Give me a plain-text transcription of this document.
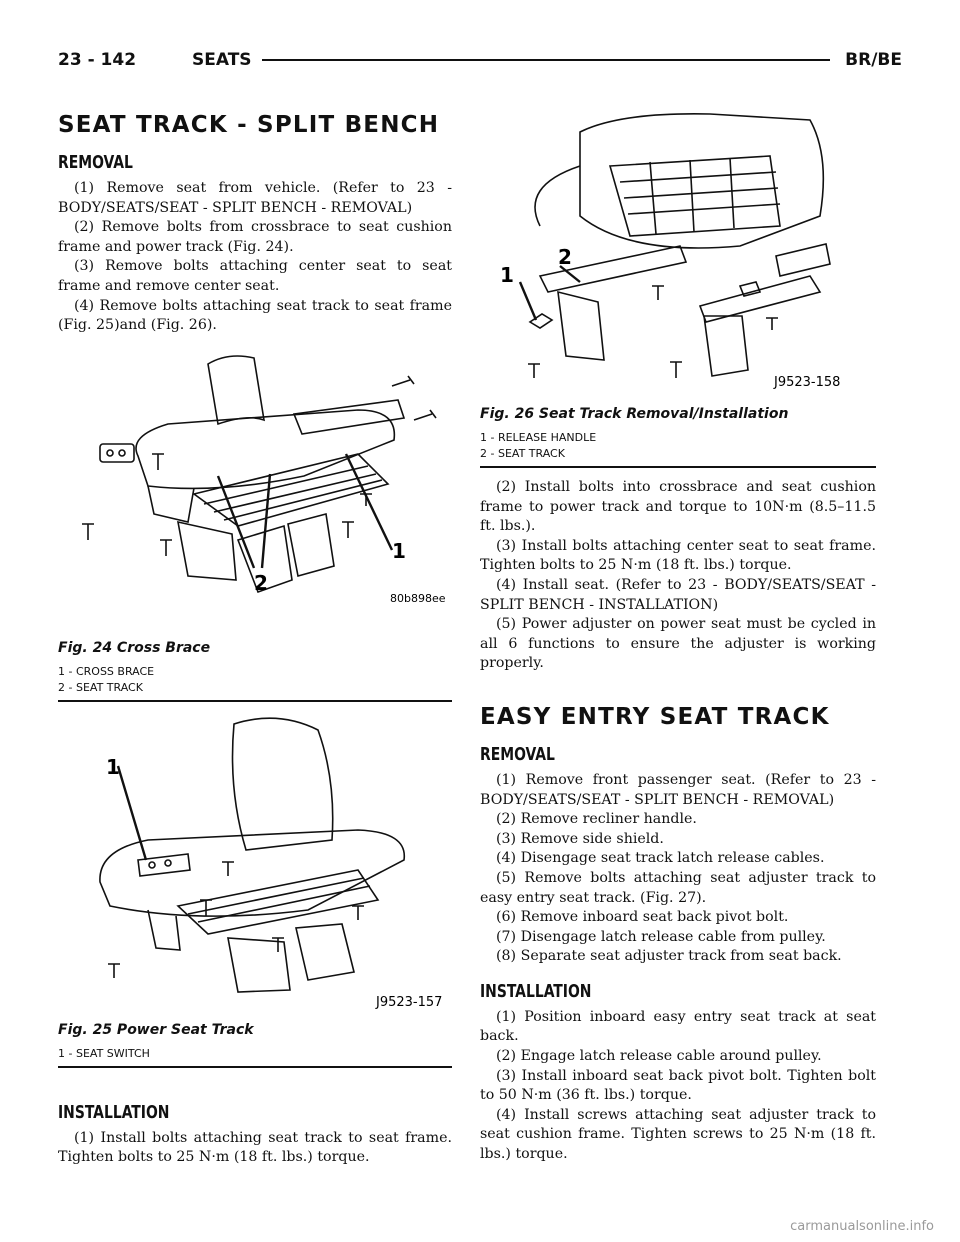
23 - 142	SEATS	BR/BE
SEAT TRACK - SPLIT BENCH
REMOVAL

(1) Remove seat from vehicle. (Refer to 23 - BODY/SEATS/SEAT - SPLIT BENCH - REMOVAL)

(2) Remove bolts from crossbrace to seat cushion frame and power track (Fig. 24).

(3) Remove bolts attaching center seat to seat frame and remove center seat.

(4) Remove bolts attaching seat track to seat frame (Fig. 25)and (Fig. 26).

1
2
80b898ee
Fig. 24 Cross Brace
1 - CROSS BRACE
2 - SEAT TRACK
1
J9523-157
Fig. 25 Power Seat Track
1 - SEAT SWITCH
INSTALLATION

(1) Install bolts attaching seat track to seat frame. Tighten bolts to 25 N·m (18 ft. lbs.) torque.

1
2
J9523-158
Fig. 26 Seat Track Removal/Installation
1 - RELEASE HANDLE
2 - SEAT TRACK

(2) Install bolts into crossbrace and seat cushion frame to power track and torque to 10N·m (8.5–11.5 ft. lbs.).

(3) Install bolts attaching center seat to seat frame. Tighten bolts to 25 N·m (18 ft. lbs.) torque.

(4) Install seat. (Refer to 23 - BODY/SEATS/SEAT - SPLIT BENCH - INSTALLATION)

(5) Power adjuster on power seat must be cycled in all 6 functions to ensure the adjuster is working properly.

EASY ENTRY SEAT TRACK
REMOVAL

(1) Remove front passenger seat. (Refer to 23 - BODY/SEATS/SEAT - SPLIT BENCH - REMOVAL)

(2) Remove recliner handle.

(3) Remove side shield.

(4) Disengage seat track latch release cables.

(5) Remove bolts attaching seat adjuster track to easy entry seat track. (Fig. 27).

(6) Remove inboard seat back pivot bolt.

(7) Disengage latch release cable from pulley.

(8) Separate seat adjuster track from seat back.

INSTALLATION

(1) Position inboard easy entry seat track at seat back.

(2) Engage latch release cable around pulley.

(3) Install inboard seat back pivot bolt. Tighten bolt to 50 N·m (36 ft. lbs.) torque.

(4) Install screws attaching seat adjuster track to seat cushion frame. Tighten screws to 25 N·m (18 ft. lbs.) torque.

carmanualsonline.info
